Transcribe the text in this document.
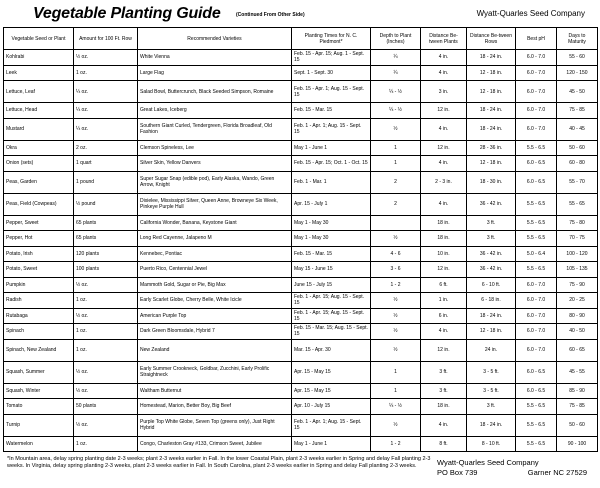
Vegetable Planting Guide	(Continued From Other Side)	Wyatt-Quarles Seed Company
Vegetable Seed or Plant	Amount for 100 Ft. Row	Recommended Varieties	Planting Times for N. C. Piedmont*	Depth to Plant (Inches)	Distance Be-tween Plants	Distance Be-tween Rows	Best pH	Days to Maturity
Kohlrabi	½ oz.	White Vienna	Feb. 15 - Apr. 15; Aug. 1 - Sept. 15	¼	4 in.	18 - 24 in.	6.0 - 7.0	55 - 60
Leek	1 oz.	Large Flag	Sept. 1 - Sept. 30	¼	4 in.	12 - 18 in.	6.0 - 7.0	120 - 150
Lettuce, Leaf	¼ oz.	Salad Bowl, Buttercrunch, Black Seeded Simpson, Romaine	Feb. 15 - Apr. 1; Aug. 15 - Sept. 15	¼ - ½	3 in.	12 - 18 in.	6.0 - 7.0	45 - 50
Lettuce, Head	¼ oz.	Great Lakes, Iceberg	Feb. 15 - Mar. 15	¼ - ½	12 in.	18 - 24 in.	6.0 - 7.0	75 - 85
Mustard	¼ oz.	Southern Giant Curled, Tendergreen, Florida Broadleaf, Old Fashion	Feb. 1 - Apr. 1; Aug. 15 - Sept. 15	½	4 in.	18 - 24 in.	6.0 - 7.0	40 - 45
Okra	2 oz.	Clemson Spineless, Lee	May 1 - June 1	1	12 in.	28 - 36 in.	5.5 - 6.5	50 - 60
Onion (sets)	1 quart	Silver Skin, Yellow Danvers	Feb. 15 - Apr. 15; Oct. 1 - Oct. 15	1	4 in.	12 - 18 in.	6.0 - 6.5	60 - 80
Peas, Garden	1 pound	Super Sugar Snap (edible pod), Early Alaska, Wando, Green Arrow, Knight	Feb. 1 - Mar. 1	2	2 - 3 in.	18 - 30 in.	6.0 - 6.5	55 - 70
Peas, Field (Cowpeas)	½ pound	Dixielee, Mississippi Silver, Queen Anne, Browneye Six Week, Pinkeye Purple Hull	Apr. 15 - July 1	2	4 in.	36 - 42 in.	5.5 - 6.5	55 - 65
Pepper, Sweet	65 plants	California Wonder, Banana, Keystone Giant	May 1 - May 30		18 in.	3 ft.	5.5 - 6.5	75 - 80
Pepper, Hot	65 plants	Long Red Cayenne, Jalapeno M	May 1 - May 30	½	18 in.	3 ft.	5.5 - 6.5	70 - 75
Potato, Irish	120 plants	Kennebec, Pontiac	Feb. 15 - Mar. 15	4 - 6	10 in.	36 - 42 in.	5.0 - 6.4	100 - 120
Potato, Sweet	100 plants	Puerto Rico, Centennial Jewel	May 15 - June 15	3 - 6	12 in.	36 - 42 in.	5.5 - 6.5	105 - 135
Pumpkin	½ oz.	Mammoth Gold, Sugar or Pie, Big Max	June 15 - July 15	1 - 2	6 ft.	6 - 10 ft.	6.0 - 7.0	75 - 90
Radish	1 oz.	Early Scarlet Globe, Cherry Belle, White Icicle	Feb. 1 - Apr. 15; Aug. 15 - Sept. 15	½	1 in.	6 - 18 in.	6.0 - 7.0	20 - 25
Rutabaga	½ oz.	American Purple Top	Feb. 1 - Apr. 15; Aug. 15 - Sept. 15	½	6 in.	18 - 24 in.	6.0 - 7.0	80 - 90
Spinach	1 oz.	Dark Green Bloomsdale, Hybrid 7	Feb. 15 - Mar. 15; Aug. 15 - Sept. 15	½	4 in.	12 - 18 in.	6.0 - 7.0	40 - 50
Spinach, New Zealand	1 oz.	New Zealand	Mar. 15 - Apr. 30	½	12 in.	24 in.	6.0 - 7.0	60 - 65
Squash, Summer	½ oz.	Early Summer Crookneck, Goldbar, Zucchini, Early Prolific Straightneck	Apr. 15 - May 15	1	3 ft.	3 - 5 ft.	6.0 - 6.5	45 - 55
Squash, Winter	½ oz.	Waltham Butternut	Apr. 15 - May 15	1	3 ft.	3 - 5 ft.	6.0 - 6.5	85 - 90
Tomato	50 plants	Homestead, Marion, Better Boy, Big Beef	Apr. 10 - July 15	¼ - ½	18 in.	3 ft.	5.5 - 6.5	75 - 85
Turnip	½ oz.	Purple Top White Globe, Seven Top (greens only), Just Right Hybrid	Feb. 1 - Apr. 1; Aug. 15 - Sept. 15	½	4 in.	18 - 24 in.	5.5 - 6.5	50 - 60
Watermelon	1 oz.	Congo, Charleston Gray #133, Crimson Sweet, Jubilee	May 1 - June 1	1 - 2	8 ft.	8 - 10 ft.	5.5 - 6.5	90 - 100
*In Mountain area, delay spring planting date 2-3 weeks; plant 2-3 weeks earlier in Fall. In the lower Coastal Plain, plant 2-3 weeks earlier in Spring and delay Fall planting 2-3 weeks. In Virginia, delay spring planting 2-3 weeks, plant 2-3 weeks earlier in Fall. In South Carolina, plant 2-3 weeks earlier in Spring and delay Fall planting 2-3 weeks.	Wyatt-Quarles Seed Company
PO Box 739	Garner NC 27529
